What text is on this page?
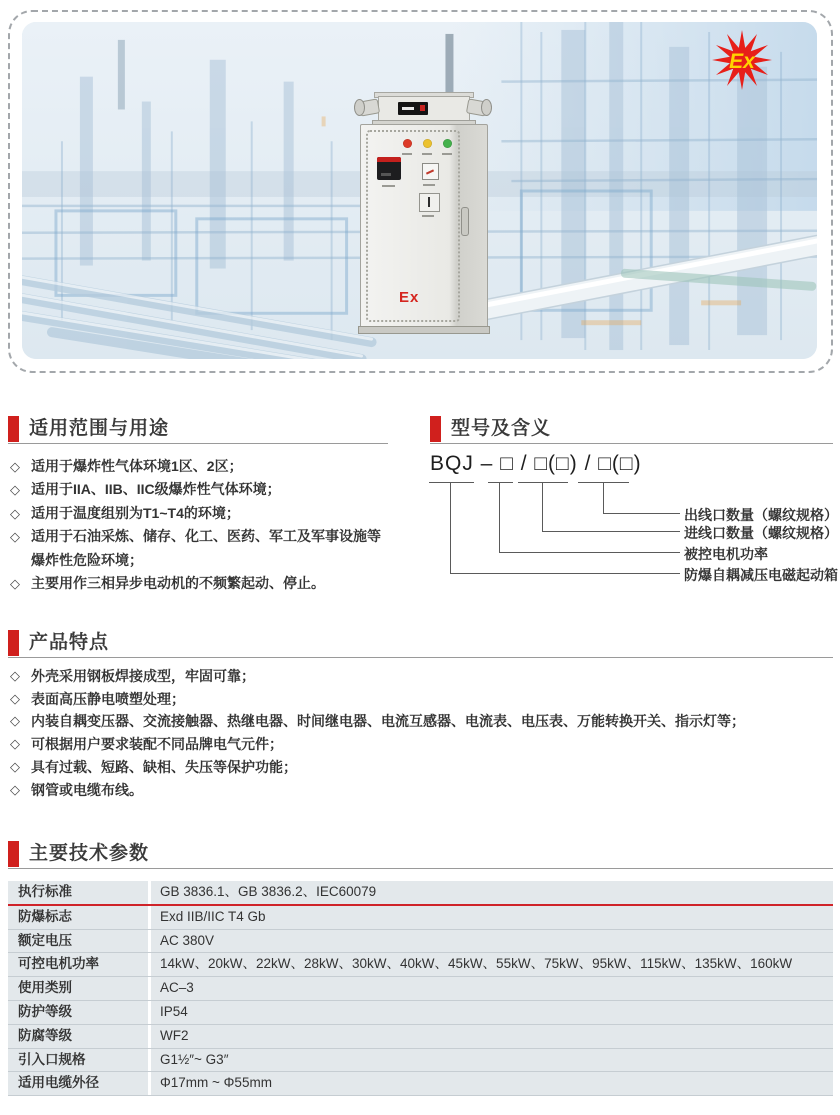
Ex
Ex
适用范围与用途
◇ 适用于爆炸性气体环境1区、2区；
◇ 适用于IIA、IIB、IIC级爆炸性气体环境；
◇ 适用于温度组别为T1~T4的环境；
◇ 适用于石油采炼、储存、化工、医药、军工及军事设施等爆炸性危险环境；
◇ 主要用作三相异步电动机的不频繁起动、停止。
型号及含义
BQJ – □ / □(□) / □(□)
出线口数量（螺纹规格）
进线口数量（螺纹规格）
被控电机功率
防爆自耦减压电磁起动箱
产品特点
◇ 外壳采用钢板焊接成型，牢固可靠；
◇ 表面高压静电喷塑处理；
◇ 内装自耦变压器、交流接触器、热继电器、时间继电器、电流互感器、电流表、电压表、万能转换开关、指示灯等；
◇ 可根据用户要求装配不同品牌电气元件；
◇ 具有过载、短路、缺相、失压等保护功能；
◇ 钢管或电缆布线。
主要技术参数
执行标准	GB 3836.1、GB 3836.2、IEC60079
防爆标志	Exd IIB/IIC T4 Gb
额定电压	AC 380V
可控电机功率	14kW、20kW、22kW、28kW、30kW、40kW、45kW、55kW、75kW、95kW、115kW、135kW、160kW
使用类别	AC–3
防护等级	IP54
防腐等级	WF2
引入口规格	G1½″~ G3″
适用电缆外径	Φ17mm ~ Φ55mm
